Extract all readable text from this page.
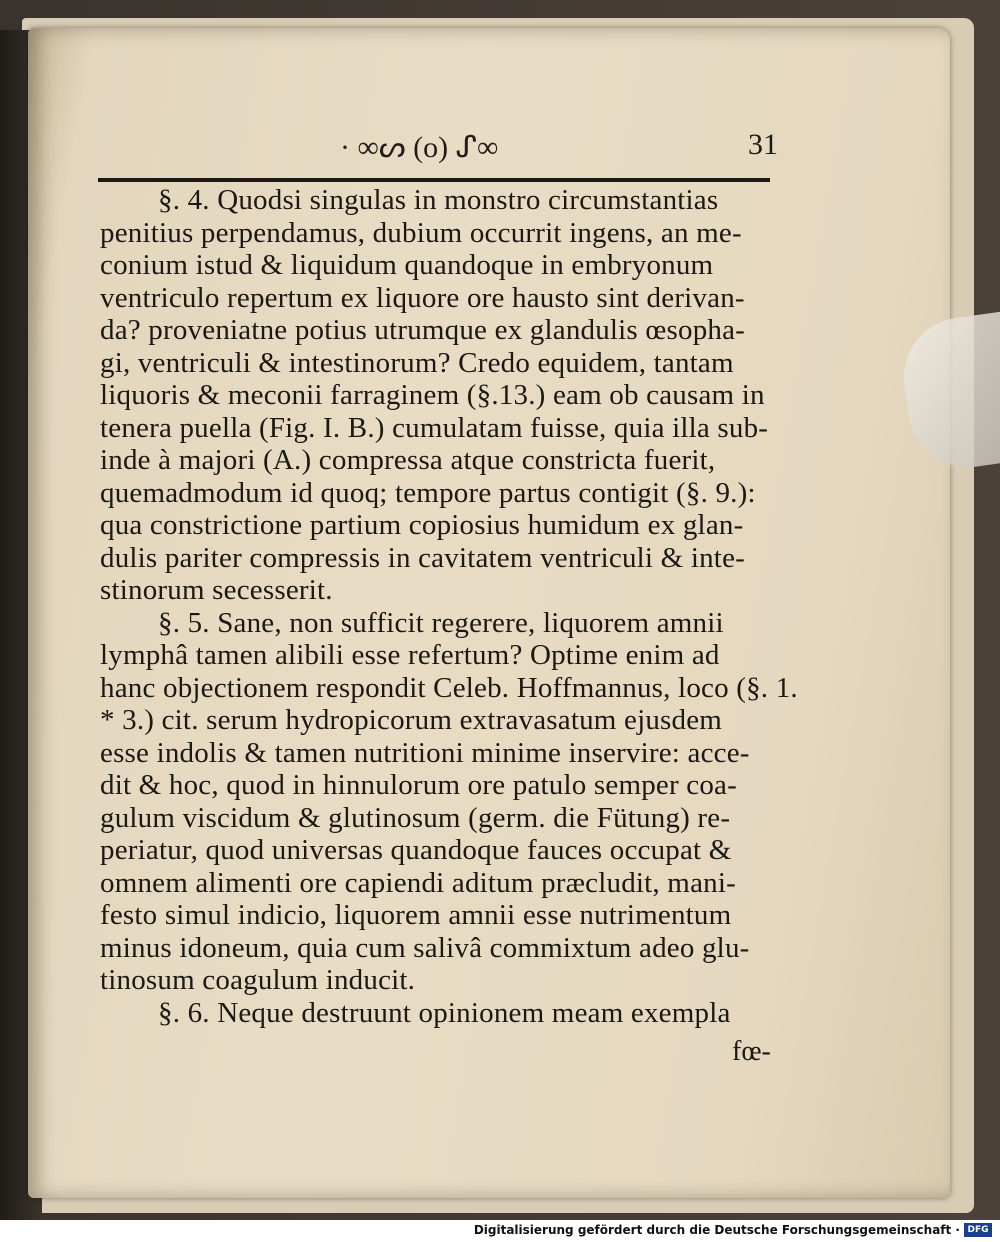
· ∞ᔕ (o) ᔑ∞	31
§. 4. Quodsi singulas in monstro circumstantias
penitius perpendamus, dubium occurrit ingens, an me-
conium istud & liquidum quandoque in embryonum
ventriculo repertum ex liquore ore hausto sint derivan-
da? proveniatne potius utrumque ex glandulis œsopha-
gi, ventriculi & intestinorum? Credo equidem, tantam
liquoris & meconii farraginem (§.13.) eam ob causam in
tenera puella (Fig. I. B.) cumulatam fuisse, quia illa sub-
inde à majori (A.) compressa atque constricta fuerit,
quemadmodum id quoq; tempore partus contigit (§. 9.):
qua constrictione partium copiosius humidum ex glan-
dulis pariter compressis in cavitatem ventriculi & inte-
stinorum secesserit.
§. 5. Sane, non sufficit regerere, liquorem amnii
lymphâ tamen alibili esse refertum? Optime enim ad
hanc objectionem respondit Celeb. Hoffmannus, loco (§. 1.
* 3.) cit. serum hydropicorum extravasatum ejusdem
esse indolis & tamen nutritioni minime inservire: acce-
dit & hoc, quod in hinnulorum ore patulo semper coa-
gulum viscidum & glutinosum (germ. die Fütung) re-
periatur, quod universas quandoque fauces occupat &
omnem alimenti ore capiendi aditum præcludit, mani-
festo simul indicio, liquorem amnii esse nutrimentum
minus idoneum, quia cum salivâ commixtum adeo glu-
tinosum coagulum inducit.
§. 6. Neque destruunt opinionem meam exempla
fœ-
Digitalisierung gefördert durch die Deutsche Forschungsgemeinschaft · DFG
